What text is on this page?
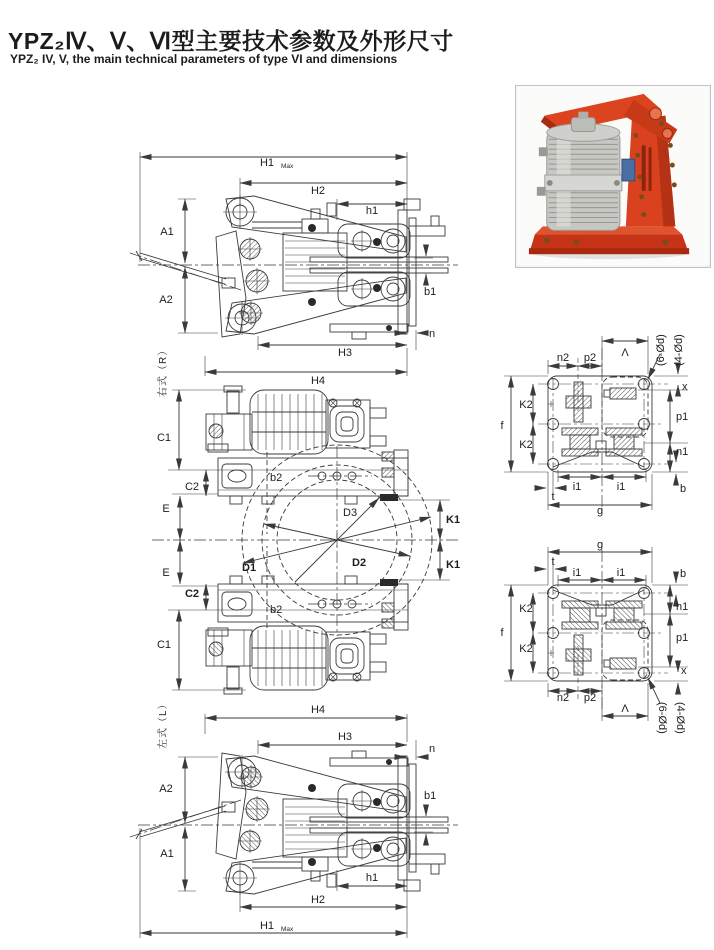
YPZ₂Ⅳ、Ⅴ、Ⅵ型主要技术参数及外形尺寸

YPZ₂ IV, V, the main technical parameters of type VI and dimensions

H1 Max
H2
h1
A1
A2
b1
H3
n
H4
右式（R）
C1
C2
E
b2
D3
D1	D2
K1
K1
E
C2
C1
b2
H4
H3
n
A2
A1
b1
h1
H2
H1 Max
左式（L）
n2 p2 Λ
x
K2
K2
p1
n1
i1	i1	b
t
g
f
(6-Ød) (4-Ød)
g
t
i1	i1	b
K2
K2
n1
f	p1
x
n2 p2
Λ (6-Ød) (4-Ød)
